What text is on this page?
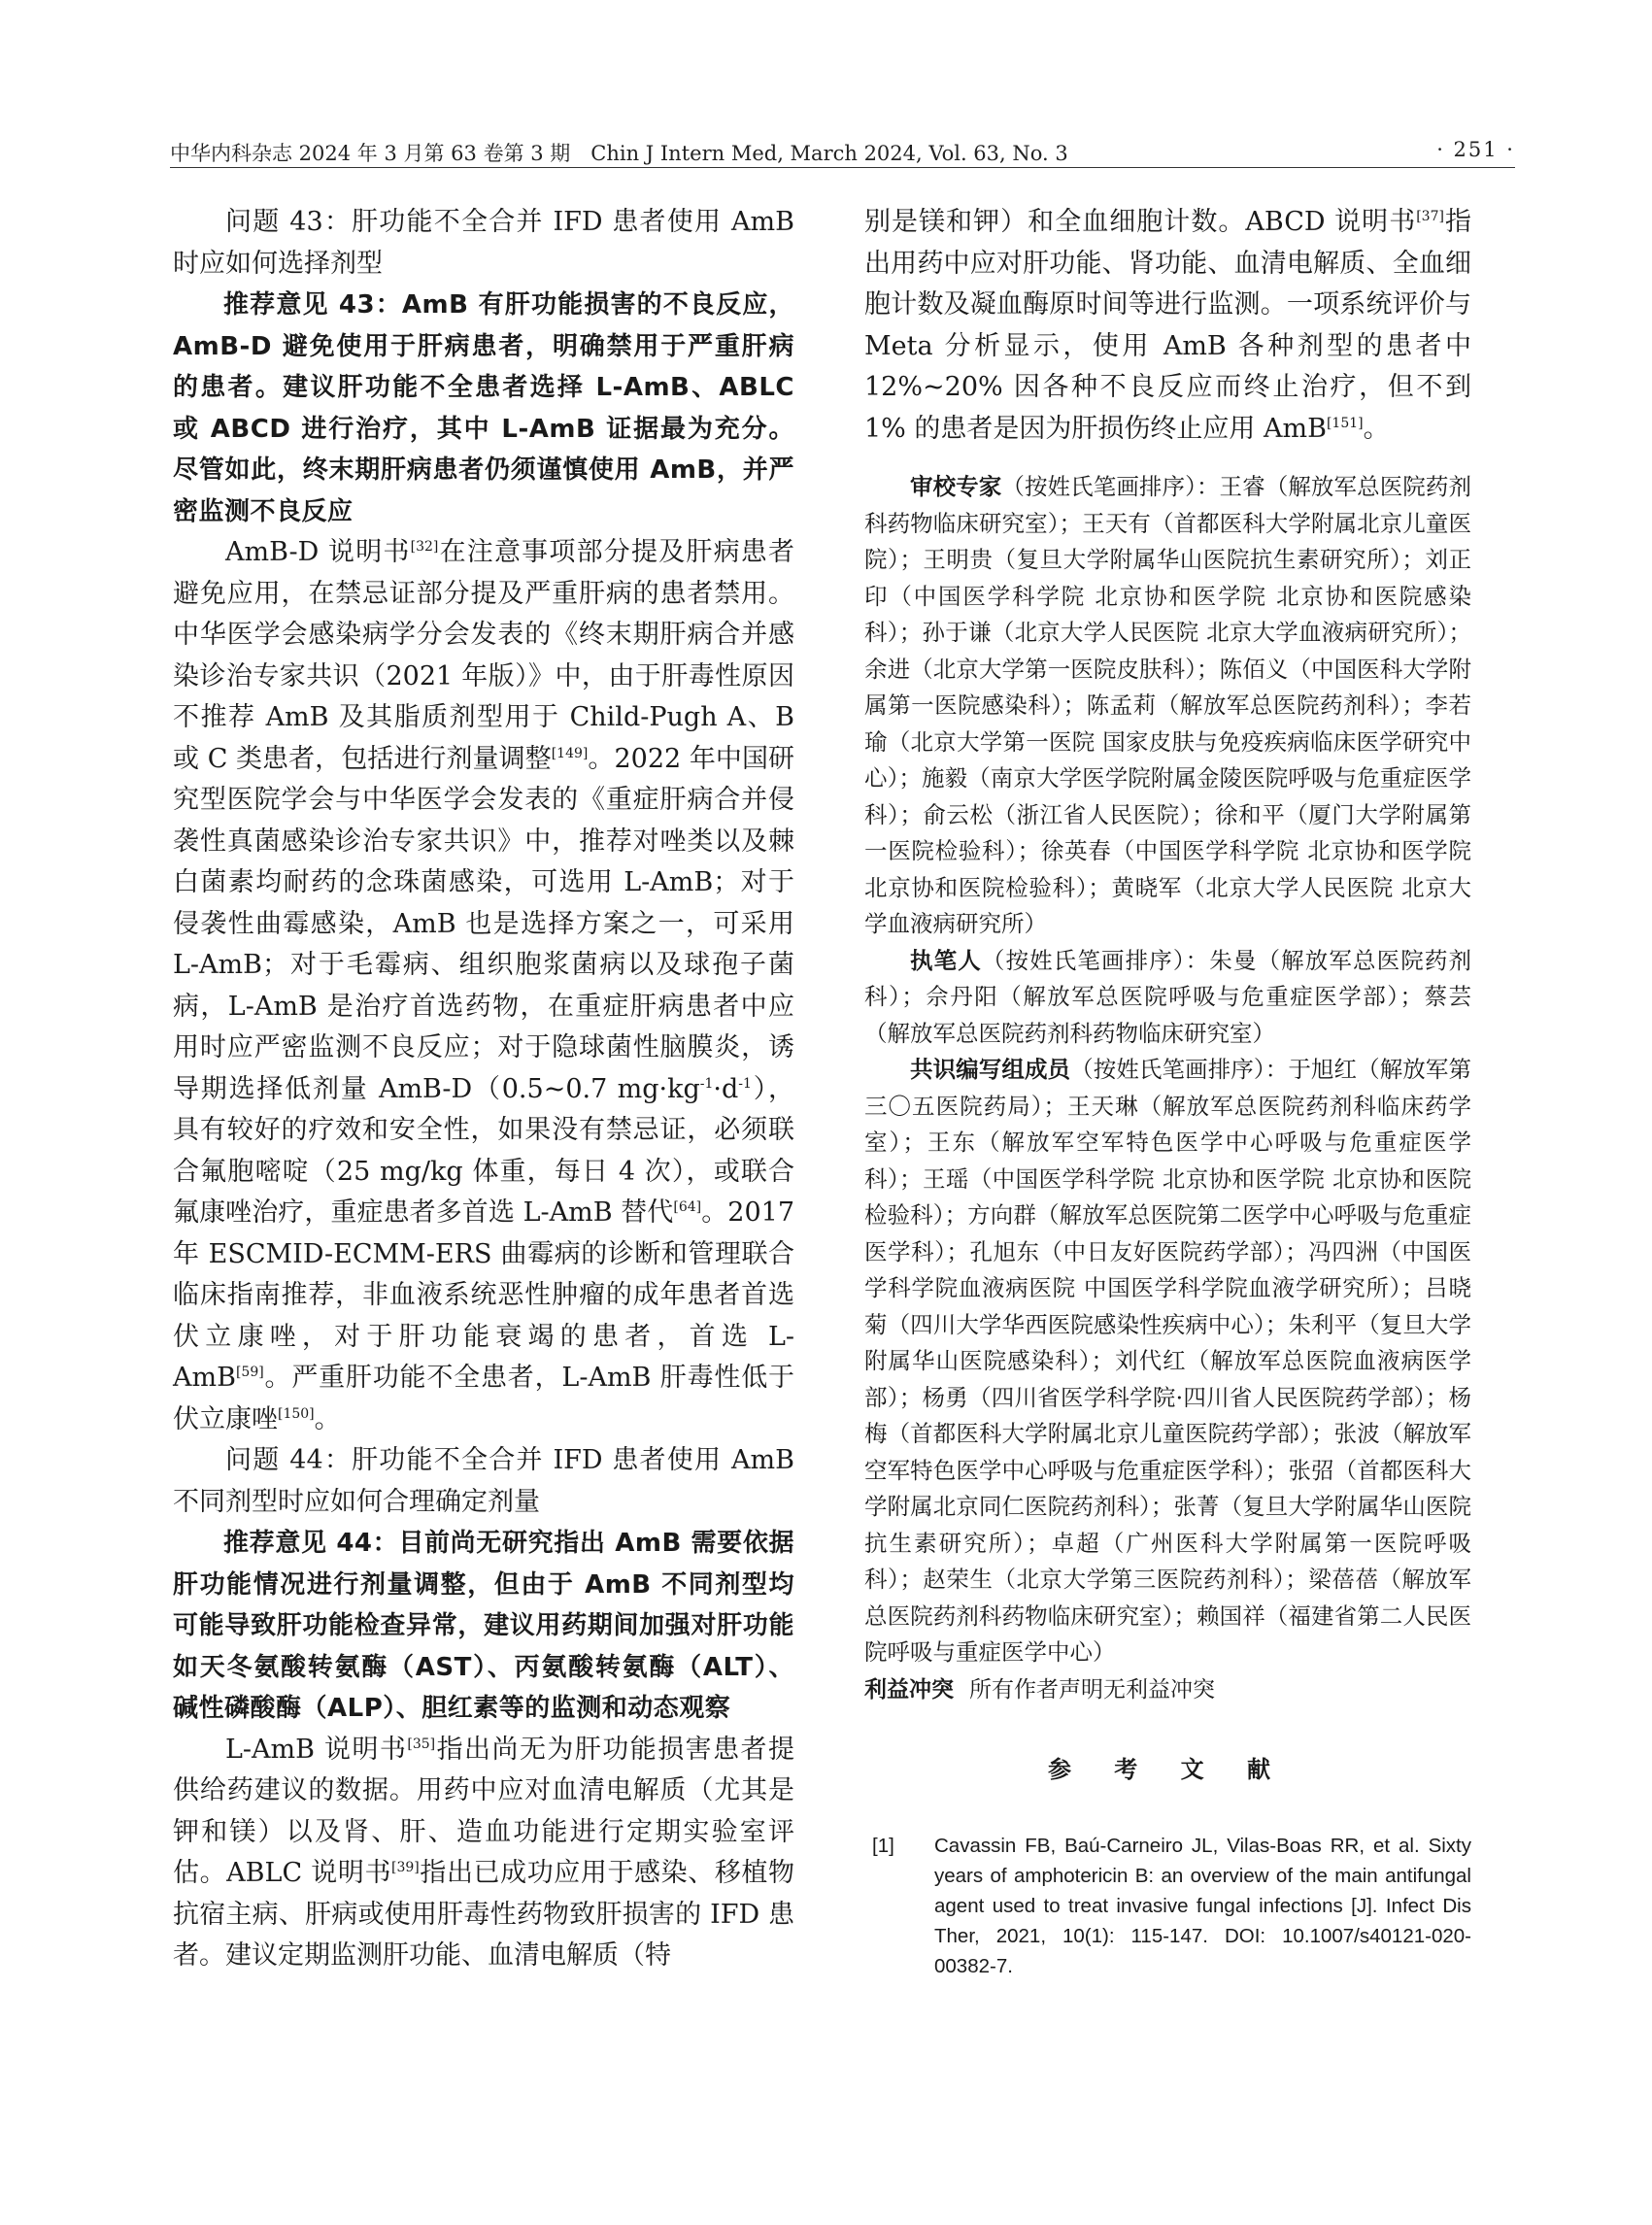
中华内科杂志 2024 年 3 月第 63 卷第 3 期　Chin J Intern Med, March 2024, Vol. 63, No. 3	· 251 ·

问题 43：肝功能不全合并 IFD 患者使用 AmB 时应如何选择剂型

推荐意见 43：AmB 有肝功能损害的不良反应，AmB-D 避免使用于肝病患者，明确禁用于严重肝病的患者。建议肝功能不全患者选择 L-AmB、ABLC 或 ABCD 进行治疗，其中 L-AmB 证据最为充分。尽管如此，终末期肝病患者仍须谨慎使用 AmB，并严密监测不良反应

AmB-D 说明书[32]在注意事项部分提及肝病患者避免应用，在禁忌证部分提及严重肝病的患者禁用。中华医学会感染病学分会发表的《终末期肝病合并感染诊治专家共识（2021 年版）》中，由于肝毒性原因不推荐 AmB 及其脂质剂型用于 Child-Pugh A、B 或 C 类患者，包括进行剂量调整[149]。2022 年中国研究型医院学会与中华医学会发表的《重症肝病合并侵袭性真菌感染诊治专家共识》中，推荐对唑类以及棘白菌素均耐药的念珠菌感染，可选用 L-AmB；对于侵袭性曲霉感染，AmB 也是选择方案之一，可采用 L-AmB；对于毛霉病、组织胞浆菌病以及球孢子菌病，L-AmB 是治疗首选药物，在重症肝病患者中应用时应严密监测不良反应；对于隐球菌性脑膜炎，诱导期选择低剂量 AmB-D（0.5~0.7 $mg\cdot kg^{-1}\cdot d^{-1}$），具有较好的疗效和安全性，如果没有禁忌证，必须联合氟胞嘧啶（25 mg/kg 体重，每日 4 次），或联合氟康唑治疗，重症患者多首选 L-AmB 替代[64]。2017 年 ESCMID-ECMM-ERS 曲霉病的诊断和管理联合临床指南推荐，非血液系统恶性肿瘤的成年患者首选伏立康唑，对于肝功能衰竭的患者，首选 L-AmB[59]。严重肝功能不全患者，L-AmB 肝毒性低于伏立康唑[150]。

问题 44：肝功能不全合并 IFD 患者使用 AmB 不同剂型时应如何合理确定剂量

推荐意见 44：目前尚无研究指出 AmB 需要依据肝功能情况进行剂量调整，但由于 AmB 不同剂型均可能导致肝功能检查异常，建议用药期间加强对肝功能如天冬氨酸转氨酶（AST）、丙氨酸转氨酶（ALT）、碱性磷酸酶（ALP）、胆红素等的监测和动态观察

L-AmB 说明书[35]指出尚无为肝功能损害患者提供给药建议的数据。用药中应对血清电解质（尤其是钾和镁）以及肾、肝、造血功能进行定期实验室评估。ABLC 说明书[39]指出已成功应用于感染、移植物抗宿主病、肝病或使用肝毒性药物致肝损害的 IFD 患者。建议定期监测肝功能、血清电解质（特

别是镁和钾）和全血细胞计数。ABCD 说明书[37]指出用药中应对肝功能、肾功能、血清电解质、全血细胞计数及凝血酶原时间等进行监测。一项系统评价与 Meta 分析显示，使用 AmB 各种剂型的患者中 12%~20% 因各种不良反应而终止治疗，但不到 1% 的患者是因为肝损伤终止应用 AmB[151]。

审校专家（按姓氏笔画排序）：王睿（解放军总医院药剂科药物临床研究室）；王天有（首都医科大学附属北京儿童医院）；王明贵（复旦大学附属华山医院抗生素研究所）；刘正印（中国医学科学院 北京协和医学院 北京协和医院感染科）；孙于谦（北京大学人民医院 北京大学血液病研究所）；余进（北京大学第一医院皮肤科）；陈佰义（中国医科大学附属第一医院感染科）；陈孟莉（解放军总医院药剂科）；李若瑜（北京大学第一医院 国家皮肤与免疫疾病临床医学研究中心）；施毅（南京大学医学院附属金陵医院呼吸与危重症医学科）；俞云松（浙江省人民医院）；徐和平（厦门大学附属第一医院检验科）；徐英春（中国医学科学院 北京协和医学院 北京协和医院检验科）；黄晓军（北京大学人民医院 北京大学血液病研究所）

执笔人（按姓氏笔画排序）：朱曼（解放军总医院药剂科）；佘丹阳（解放军总医院呼吸与危重症医学部）；蔡芸（解放军总医院药剂科药物临床研究室）

共识编写组成员（按姓氏笔画排序）：于旭红（解放军第三〇五医院药局）；王天琳（解放军总医院药剂科临床药学室）；王东（解放军空军特色医学中心呼吸与危重症医学科）；王瑶（中国医学科学院 北京协和医学院 北京协和医院检验科）；方向群（解放军总医院第二医学中心呼吸与危重症医学科）；孔旭东（中日友好医院药学部）；冯四洲（中国医学科学院血液病医院 中国医学科学院血液学研究所）；吕晓菊（四川大学华西医院感染性疾病中心）；朱利平（复旦大学附属华山医院感染科）；刘代红（解放军总医院血液病医学部）；杨勇（四川省医学科学院·四川省人民医院药学部）；杨梅（首都医科大学附属北京儿童医院药学部）；张波（解放军空军特色医学中心呼吸与危重症医学科）；张弨（首都医科大学附属北京同仁医院药剂科）；张菁（复旦大学附属华山医院抗生素研究所）；卓超（广州医科大学附属第一医院呼吸科）；赵荣生（北京大学第三医院药剂科）；梁蓓蓓（解放军总医院药剂科药物临床研究室）；赖国祥（福建省第二人民医院呼吸与重症医学中心）

利益冲突 所有作者声明无利益冲突

参 考 文 献
[1] Cavassin FB, Baú-Carneiro JL, Vilas-Boas RR, et al. Sixty years of amphotericin B: an overview of the main antifungal agent used to treat invasive fungal infections [J]. Infect Dis Ther, 2021, 10(1): 115-147. DOI: 10.1007/s40121-020-00382-7.
